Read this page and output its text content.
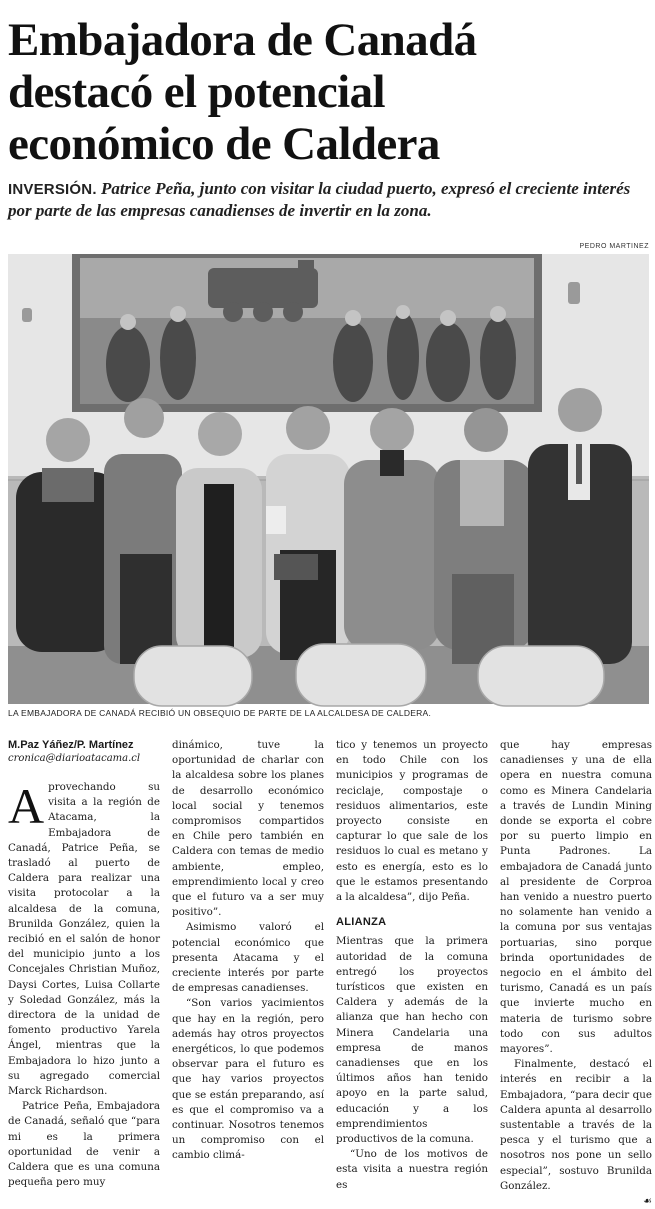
Embajadora de Canadá
destacó el potencial
económico de Caldera
INVERSIÓN. Patrice Peña, junto con visitar la ciudad puerto, expresó el creciente interés por parte de las empresas canadienses de invertir en la zona.
PEDRO MARTINEZ
LA EMBAJADORA DE CANADÁ RECIBIÓ UN OBSEQUIO DE PARTE DE LA ALCALDESA DE CALDERA.
M.Paz Yáñez/P. Martínez
cronica@diarioatacama.cl

Aprovechando su visita a la región de Atacama, la Embajadora de Canadá, Patrice Peña, se trasladó al puerto de Caldera para realizar una visita protocolar a la alcaldesa de la comuna, Brunilda González, quien la recibió en el salón de honor del municipio junto a los Concejales Christian Muñoz, Daysi Cortes, Luisa Collarte y Soledad González, más la directora de la unidad de fomento productivo Yarela Ángel, mientras que la Embajadora lo hizo junto a su agregado comercial Marck Richardson.

Patrice Peña, Embajadora de Canadá, señaló que “para mi es la primera oportunidad de venir a Caldera que es una comuna pequeña pero muy

dinámico, tuve la oportunidad de charlar con la alcaldesa sobre los planes de desarrollo económico local social y tenemos compromisos compartidos en Chile pero también en Caldera con temas de medio ambiente, empleo, emprendimiento local y creo que el futuro va a ser muy positivo”.

Asimismo valoró el potencial económico que presenta Atacama y el creciente interés por parte de empresas canadienses.

“Son varios yacimientos que hay en la región, pero además hay otros proyectos energéticos, lo que podemos observar para el futuro es que hay varios proyectos que se están preparando, así es que el compromiso va a continuar. Nosotros tenemos un compromiso con el cambio climá-

tico y tenemos un proyecto en todo Chile con los municipios y programas de reciclaje, compostaje o residuos alimentarios, este proyecto consiste en capturar lo que sale de los residuos lo cual es metano y esto es energía, esto es lo que le estamos presentando a la alcaldesa”, dijo Peña.

ALIANZA

Mientras que la primera autoridad de la comuna entregó los proyectos turísticos que existen en Caldera y además de la alianza que han hecho con Minera Candelaria una empresa de manos canadienses que en los últimos años han tenido apoyo en la parte salud, educación y a los emprendimientos productivos de la comuna.

“Uno de los motivos de esta visita a nuestra región es

que hay empresas canadienses y una de ella opera en nuestra comuna como es Minera Candelaria a través de Lundin Mining donde se exporta el cobre por su puerto limpio en Punta Padrones. La embajadora de Canadá junto al presidente de Corproa han venido a nuestro puerto no solamente han venido a la comuna por sus ventajas portuarias, sino porque brinda oportunidades de negocio en el ámbito del turismo, Canadá es un país que invierte mucho en materia de turismo sobre todo con sus adultos mayores”.

Finalmente, destacó el interés en recibir a la Embajadora, “para decir que Caldera apunta al desarrollo sustentable a través de la pesca y el turismo que a nosotros nos pone un sello especial”, sostuvo Brunilda González.

☙
